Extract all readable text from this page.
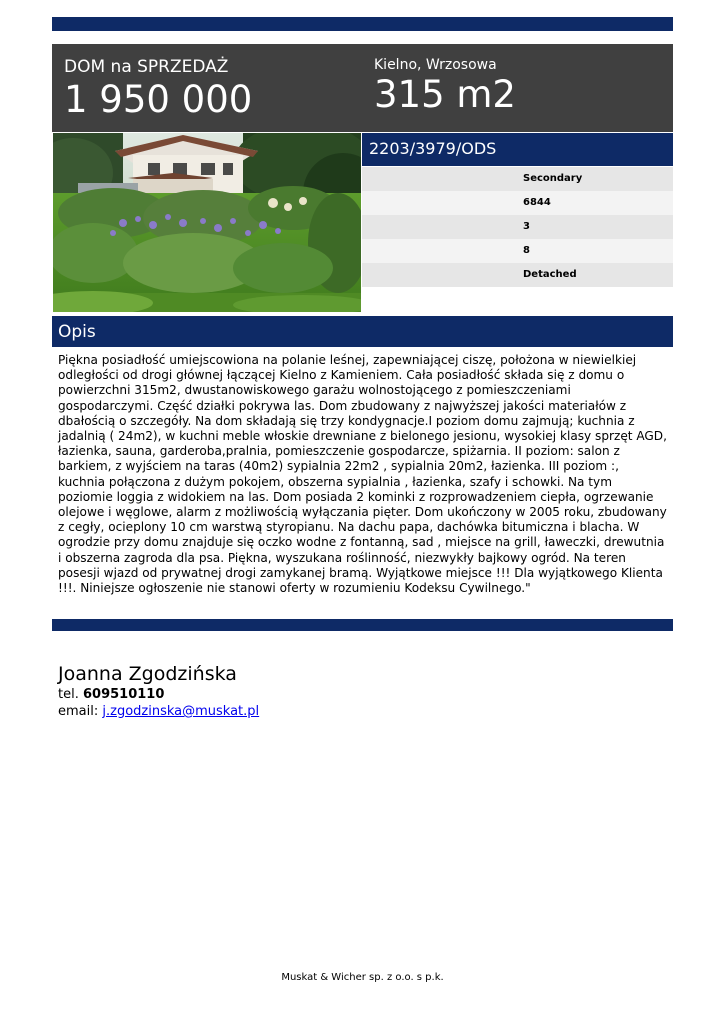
DOM na SPRZEDAŻ
1 950 000
Kielno, Wrzosowa
315 m2
2203/3979/ODS
Secondary
6844
3
8
Detached
Opis
Piękna posiadłość umiejscowiona na polanie leśnej, zapewniającej ciszę, położona w niewielkiej odległości od drogi głównej łączącej Kielno z Kamieniem. Cała posiadłość składa się z domu o powierzchni 315m2, dwustanowiskowego garażu wolnostojącego z pomieszczeniami gospodarczymi. Część działki pokrywa las. Dom zbudowany z najwyższej jakości materiałów z dbałością o szczegóły. Na dom składają się trzy kondygnacje.I poziom domu zajmują; kuchnia z jadalnią ( 24m2), w kuchni meble włoskie drewniane z bielonego jesionu, wysokiej klasy sprzęt AGD, łazienka, sauna, garderoba,pralnia, pomieszczenie gospodarcze, spiżarnia. II poziom: salon z barkiem, z wyjściem na taras (40m2) sypialnia 22m2 , sypialnia 20m2, łazienka. III poziom :, kuchnia połączona z dużym pokojem, obszerna sypialnia , łazienka, szafy i schowki. Na tym poziomie loggia z widokiem na las. Dom posiada 2 kominki z rozprowadzeniem ciepła, ogrzewanie olejowe i węglowe, alarm z możliwością wyłączania pięter. Dom ukończony w 2005 roku, zbudowany z cegły, ocieplony 10 cm warstwą styropianu. Na dachu papa, dachówka bitumiczna i blacha. W ogrodzie przy domu znajduje się oczko wodne z fontanną, sad , miejsce na grill, ławeczki, drewutnia i obszerna zagroda dla psa. Piękna, wyszukana roślinność, niezwykły bajkowy ogród. Na teren posesji wjazd od prywatnej drogi zamykanej bramą. Wyjątkowe miejsce !!! Dla wyjątkowego Klienta !!!. Niniejsze ogłoszenie nie stanowi oferty w rozumieniu Kodeksu Cywilnego."
Joanna Zgodzińska
tel. 609510110
email: j.zgodzinska@muskat.pl
Muskat & Wicher sp. z o.o. s p.k.
